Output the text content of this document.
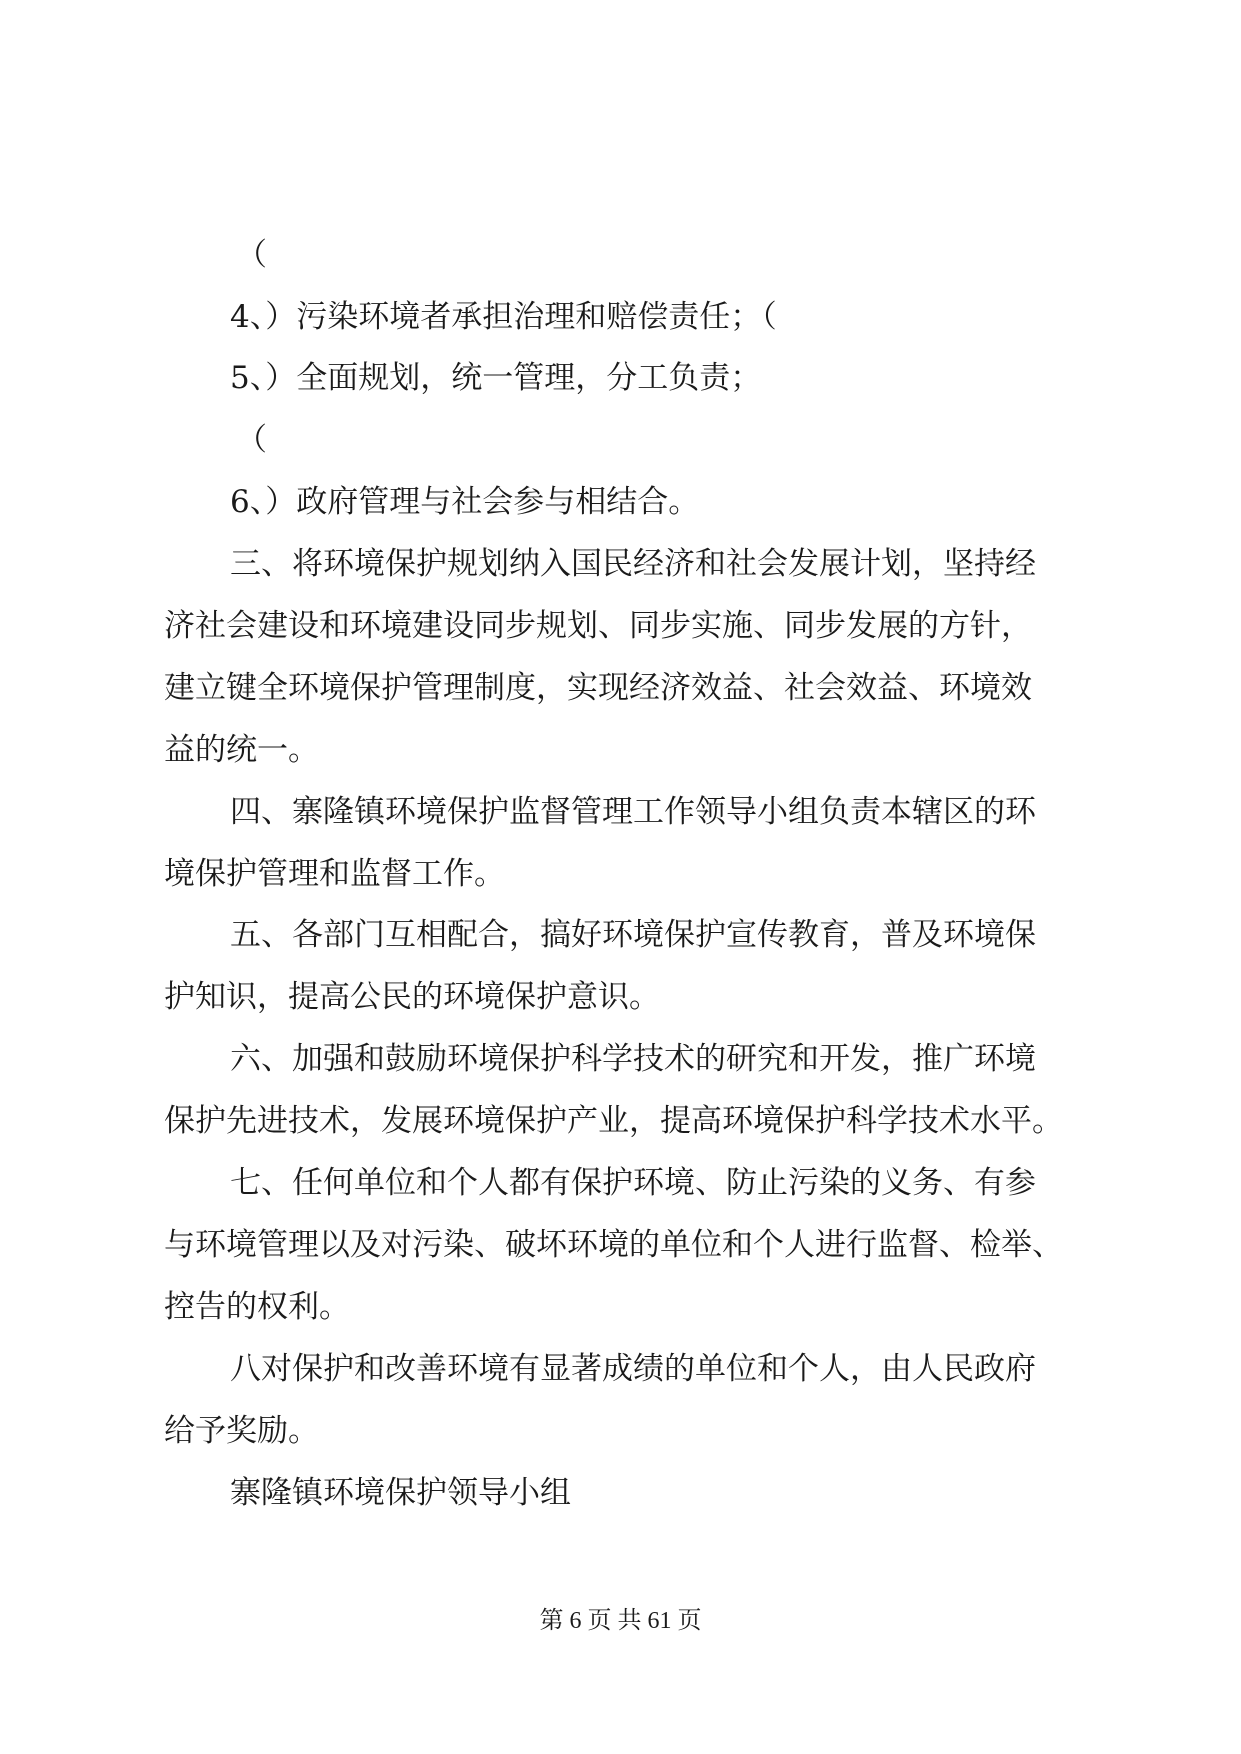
（

4、）污染环境者承担治理和赔偿责任；（

5、）全面规划，统一管理，分工负责；

（

6、）政府管理与社会参与相结合。

三、将环境保护规划纳入国民经济和社会发展计划，坚持经

济社会建设和环境建设同步规划、同步实施、同步发展的方针，

建立键全环境保护管理制度，实现经济效益、社会效益、环境效

益的统一。

四、寨隆镇环境保护监督管理工作领导小组负责本辖区的环

境保护管理和监督工作。

五、各部门互相配合，搞好环境保护宣传教育，普及环境保

护知识，提高公民的环境保护意识。

六、加强和鼓励环境保护科学技术的研究和开发，推广环境

保护先进技术，发展环境保护产业，提高环境保护科学技术水平。

七、任何单位和个人都有保护环境、防止污染的义务、有参

与环境管理以及对污染、破坏环境的单位和个人进行监督、检举、

控告的权利。

八对保护和改善环境有显著成绩的单位和个人，由人民政府

给予奖励。

寨隆镇环境保护领导小组

第 6 页 共 61 页
